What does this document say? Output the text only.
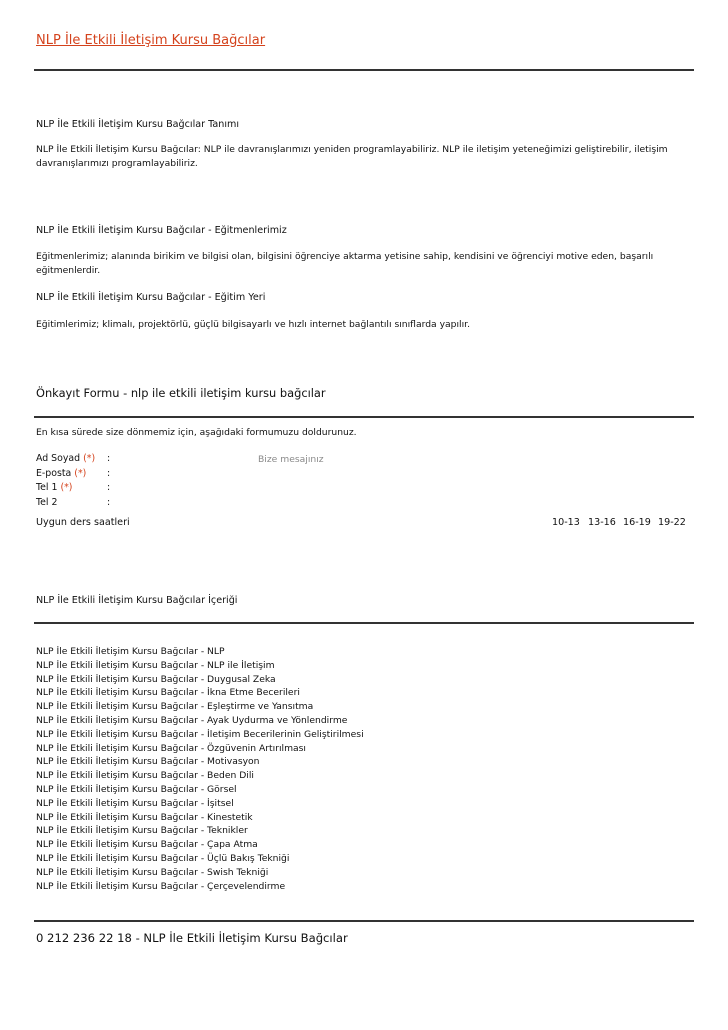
NLP İle Etkili İletişim Kursu Bağcılar
NLP İle Etkili İletişim Kursu Bağcılar Tanımı
NLP İle Etkili İletişim Kursu Bağcılar: NLP ile davranışlarımızı yeniden programlayabiliriz. NLP ile iletişim yeteneğimizi geliştirebilir, iletişim davranışlarımızı programlayabiliriz.
NLP İle Etkili İletişim Kursu Bağcılar - Eğitmenlerimiz
Eğitmenlerimiz; alanında birikim ve bilgisi olan, bilgisini öğrenciye aktarma yetisine sahip, kendisini ve öğrenciyi motive eden, başarılı eğitmenlerdir.
NLP İle Etkili İletişim Kursu Bağcılar - Eğitim Yeri
Eğitimlerimiz; klimalı, projektörlü, güçlü bilgisayarlı ve hızlı internet bağlantılı sınıflarda yapılır.
Önkayıt Formu - nlp ile etkili iletişim kursu bağcılar
En kısa sürede size dönmemiz için, aşağıdaki formumuzu doldurunuz.
Ad Soyad (*) :
E-posta (*) :
Tel 1 (*)	:
Tel 2	:
Bize mesajınız
Uygun ders saatleri	10-13 13-16 16-19 19-22
NLP İle Etkili İletişim Kursu Bağcılar İçeriği
NLP İle Etkili İletişim Kursu Bağcılar - NLP
NLP İle Etkili İletişim Kursu Bağcılar - NLP ile İletişim
NLP İle Etkili İletişim Kursu Bağcılar - Duygusal Zeka
NLP İle Etkili İletişim Kursu Bağcılar - İkna Etme Becerileri
NLP İle Etkili İletişim Kursu Bağcılar - Eşleştirme ve Yansıtma
NLP İle Etkili İletişim Kursu Bağcılar - Ayak Uydurma ve Yönlendirme
NLP İle Etkili İletişim Kursu Bağcılar - İletişim Becerilerinin Geliştirilmesi
NLP İle Etkili İletişim Kursu Bağcılar - Özgüvenin Artırılması
NLP İle Etkili İletişim Kursu Bağcılar - Motivasyon
NLP İle Etkili İletişim Kursu Bağcılar - Beden Dili
NLP İle Etkili İletişim Kursu Bağcılar - Görsel
NLP İle Etkili İletişim Kursu Bağcılar - İşitsel
NLP İle Etkili İletişim Kursu Bağcılar - Kinestetik
NLP İle Etkili İletişim Kursu Bağcılar - Teknikler
NLP İle Etkili İletişim Kursu Bağcılar - Çapa Atma
NLP İle Etkili İletişim Kursu Bağcılar - Üçlü Bakış Tekniği
NLP İle Etkili İletişim Kursu Bağcılar - Swish Tekniği
NLP İle Etkili İletişim Kursu Bağcılar - Çerçevelendirme
0 212 236 22 18 - NLP İle Etkili İletişim Kursu Bağcılar
